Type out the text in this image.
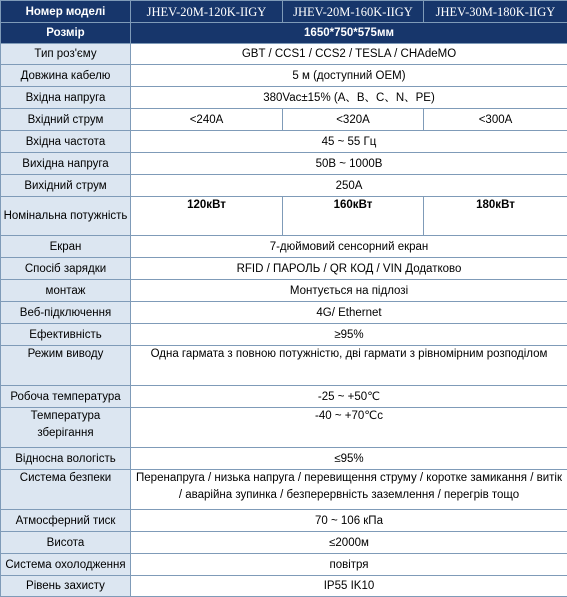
Номер моделі	JHEV-20M-120K-IIGY	JHEV-20M-160K-IIGY	JHEV-30M-180K-IIGY
Розмір	1650*750*575мм		
Тип роз'єму	GBT / CCS1 / CCS2 / TESLA / CHAdeMO		
Довжина кабелю	5 м (доступний OEM)		
Вхідна напруга	380Vac±15% (A、B、C、N、PE)		
Вхідний струм	<240A	<320A	<300A
Вхідна частота	45 ~ 55 Гц		
Вихідна напруга	50В ~ 1000В		
Вихідний струм	250A		
Номінальна потужність	120кВт	160кВт	180кВт
Екран	7-дюймовий сенсорний екран		
Спосіб зарядки	RFID / ПАРОЛЬ / QR КОД / VIN Додатково		
монтаж	Монтується на підлозі		
Веб-підключення	4G/ Ethernet		
Ефективність	≥95%		
Режим виводу	Одна гармата з повною потужністю, дві гармати з рівномірним розподілом		
Робоча температура	-25 ~ +50℃		
Температура зберігання	-40 ~ +70℃c		
Відносна вологість	≤95%		
Система безпеки	Перенапруга / низька напруга / перевищення струму / коротке замикання / витік / аварійна зупинка / безперервність заземлення / перегрів тощо		
Атмосферний тиск	70 ~ 106 кПа		
Висота	≤2000м		
Система охолодження	повітря		
Рівень захисту	IP55 IK10		
